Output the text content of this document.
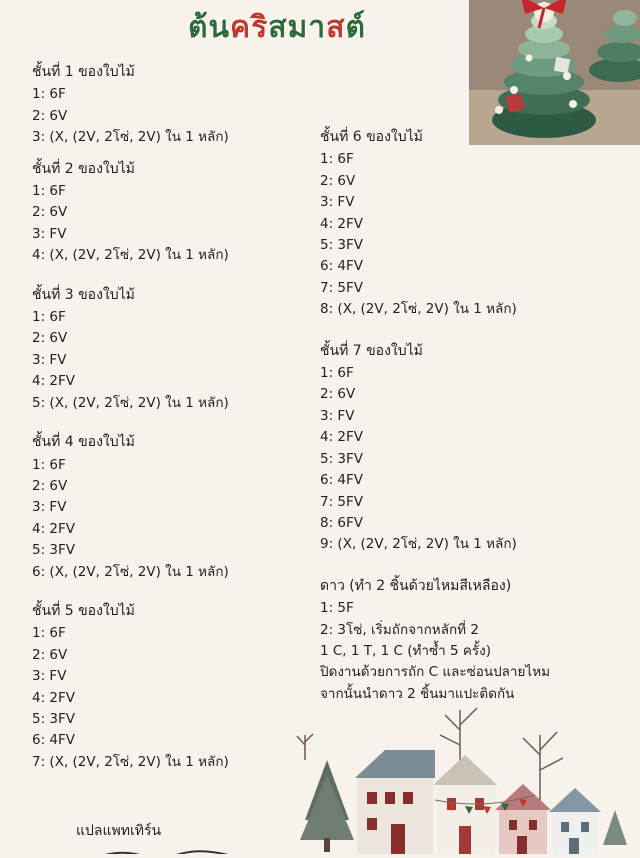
ต้นคริสมาสต์
ชั้นที่ 1 ของใบไม้
1: 6F
2: 6V
3: (X, (2V, 2โซ่, 2V) ใน 1 หลัก)
ชั้นที่ 2 ของใบไม้
1: 6F
2: 6V
3: FV
4: (X, (2V, 2โซ่, 2V) ใน 1 หลัก)
ชั้นที่ 3 ของใบไม้
1: 6F
2: 6V
3: FV
4: 2FV
5: (X, (2V, 2โซ่, 2V) ใน 1 หลัก)
ชั้นที่ 4 ของใบไม้
1: 6F
2: 6V
3: FV
4: 2FV
5: 3FV
6: (X, (2V, 2โซ่, 2V) ใน 1 หลัก)
ชั้นที่ 5 ของใบไม้
1: 6F
2: 6V
3: FV
4: 2FV
5: 3FV
6: 4FV
7: (X, (2V, 2โซ่, 2V) ใน 1 หลัก)
ชั้นที่ 6 ของใบไม้
1: 6F
2: 6V
3: FV
4: 2FV
5: 3FV
6: 4FV
7: 5FV
8: (X, (2V, 2โซ่, 2V) ใน 1 หลัก)
ชั้นที่ 7 ของใบไม้
1: 6F
2: 6V
3: FV
4: 2FV
5: 3FV
6: 4FV
7: 5FV
8: 6FV
9: (X, (2V, 2โซ่, 2V) ใน 1 หลัก)
ดาว (ทำ 2 ชิ้นด้วยไหมสีเหลือง)
1: 5F
2: 3โซ่, เริ่มถักจากหลักที่ 2
1 C, 1 T, 1 C (ทำซ้ำ 5 ครั้ง)
ปิดงานด้วยการถัก C และซ่อนปลายไหม
จากนั้นนำดาว 2 ชิ้นมาแปะติดกัน
แปลแพทเทิร์น
